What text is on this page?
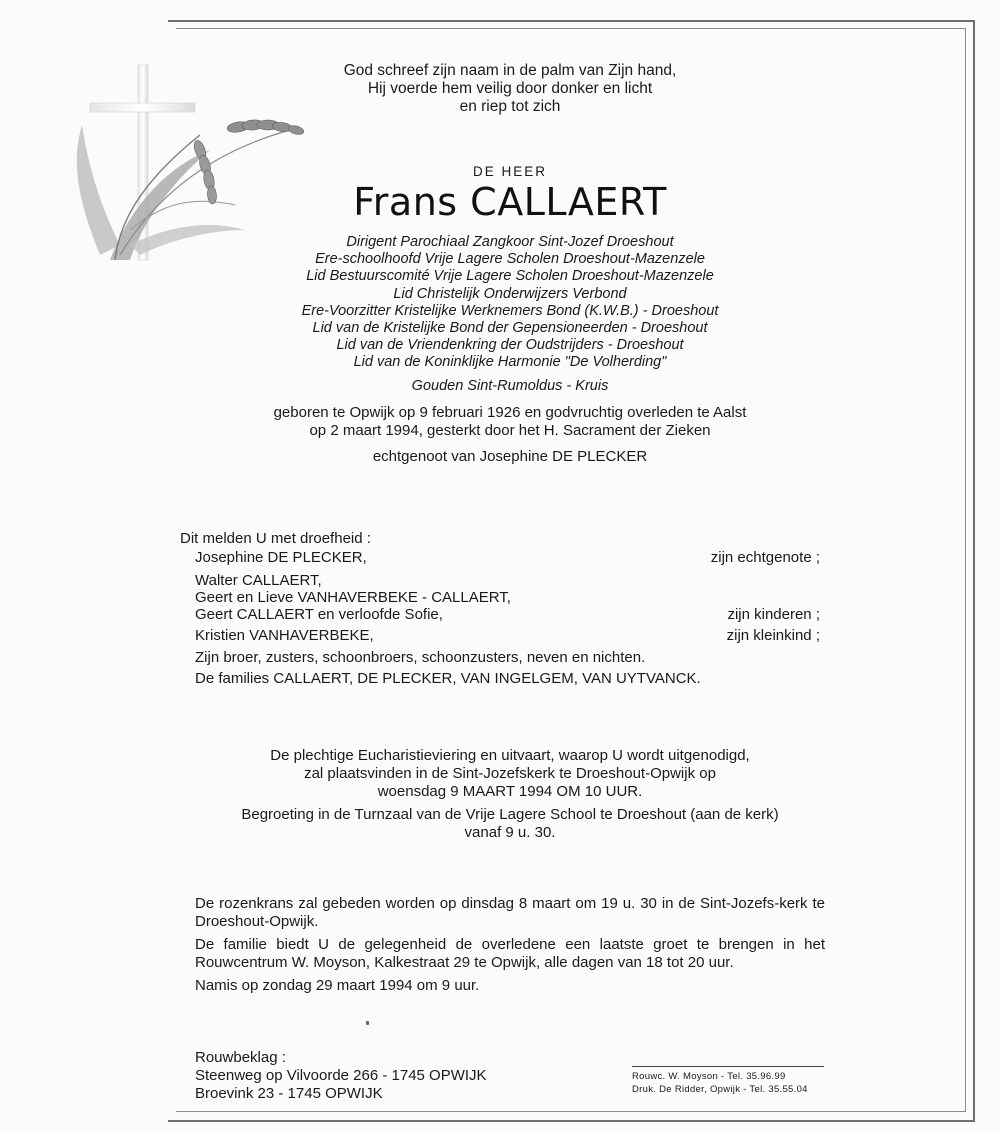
God schreef zijn naam in de palm van Zijn hand,
Hij voerde hem veilig door donker en licht
en riep tot zich
DE HEER
Frans CALLAERT
Dirigent Parochiaal Zangkoor Sint-Jozef Droeshout
Ere-schoolhoofd Vrije Lagere Scholen Droeshout-Mazenzele
Lid Bestuurscomité Vrije Lagere Scholen Droeshout-Mazenzele
Lid Christelijk Onderwijzers Verbond
Ere-Voorzitter Kristelijke Werknemers Bond (K.W.B.) - Droeshout
Lid van de Kristelijke Bond der Gepensioneerden - Droeshout
Lid van de Vriendenkring der Oudstrijders - Droeshout
Lid van de Koninklijke Harmonie "De Volherding"
Gouden Sint-Rumoldus - Kruis
geboren te Opwijk op 9 februari 1926 en godvruchtig overleden te Aalst
op 2 maart 1994, gesterkt door het H. Sacrament der Zieken
echtgenoot van Josephine DE PLECKER
Dit melden U met droefheid :
Josephine DE PLECKER,	zijn echtgenote ;
Walter CALLAERT,
Geert en Lieve VANHAVERBEKE - CALLAERT,
Geert CALLAERT en verloofde Sofie,	zijn kinderen ;
Kristien VANHAVERBEKE,	zijn kleinkind ;
Zijn broer, zusters, schoonbroers, schoonzusters, neven en nichten.
De families CALLAERT, DE PLECKER, VAN INGELGEM, VAN UYTVANCK.
De plechtige Eucharistieviering en uitvaart, waarop U wordt uitgenodigd,
zal plaatsvinden in de Sint-Jozefskerk te Droeshout-Opwijk op
woensdag 9 MAART 1994 OM 10 UUR.
Begroeting in de Turnzaal van de Vrije Lagere School te Droeshout (aan de kerk)
vanaf 9 u. 30.
De rozenkrans zal gebeden worden op dinsdag 8 maart om 19 u. 30 in de Sint-Jozefs-kerk te Droeshout-Opwijk.
De familie biedt U de gelegenheid de overledene een laatste groet te brengen in het Rouwcentrum W. Moyson, Kalkestraat 29 te Opwijk, alle dagen van 18 tot 20 uur.
Namis op zondag 29 maart 1994 om 9 uur.
Rouwbeklag :
Steenweg op Vilvoorde 266 - 1745 OPWIJK
Broevink 23 - 1745 OPWIJK
Rouwc. W. Moyson - Tel. 35.96.99
Druk. De Ridder, Opwijk - Tel. 35.55.04
